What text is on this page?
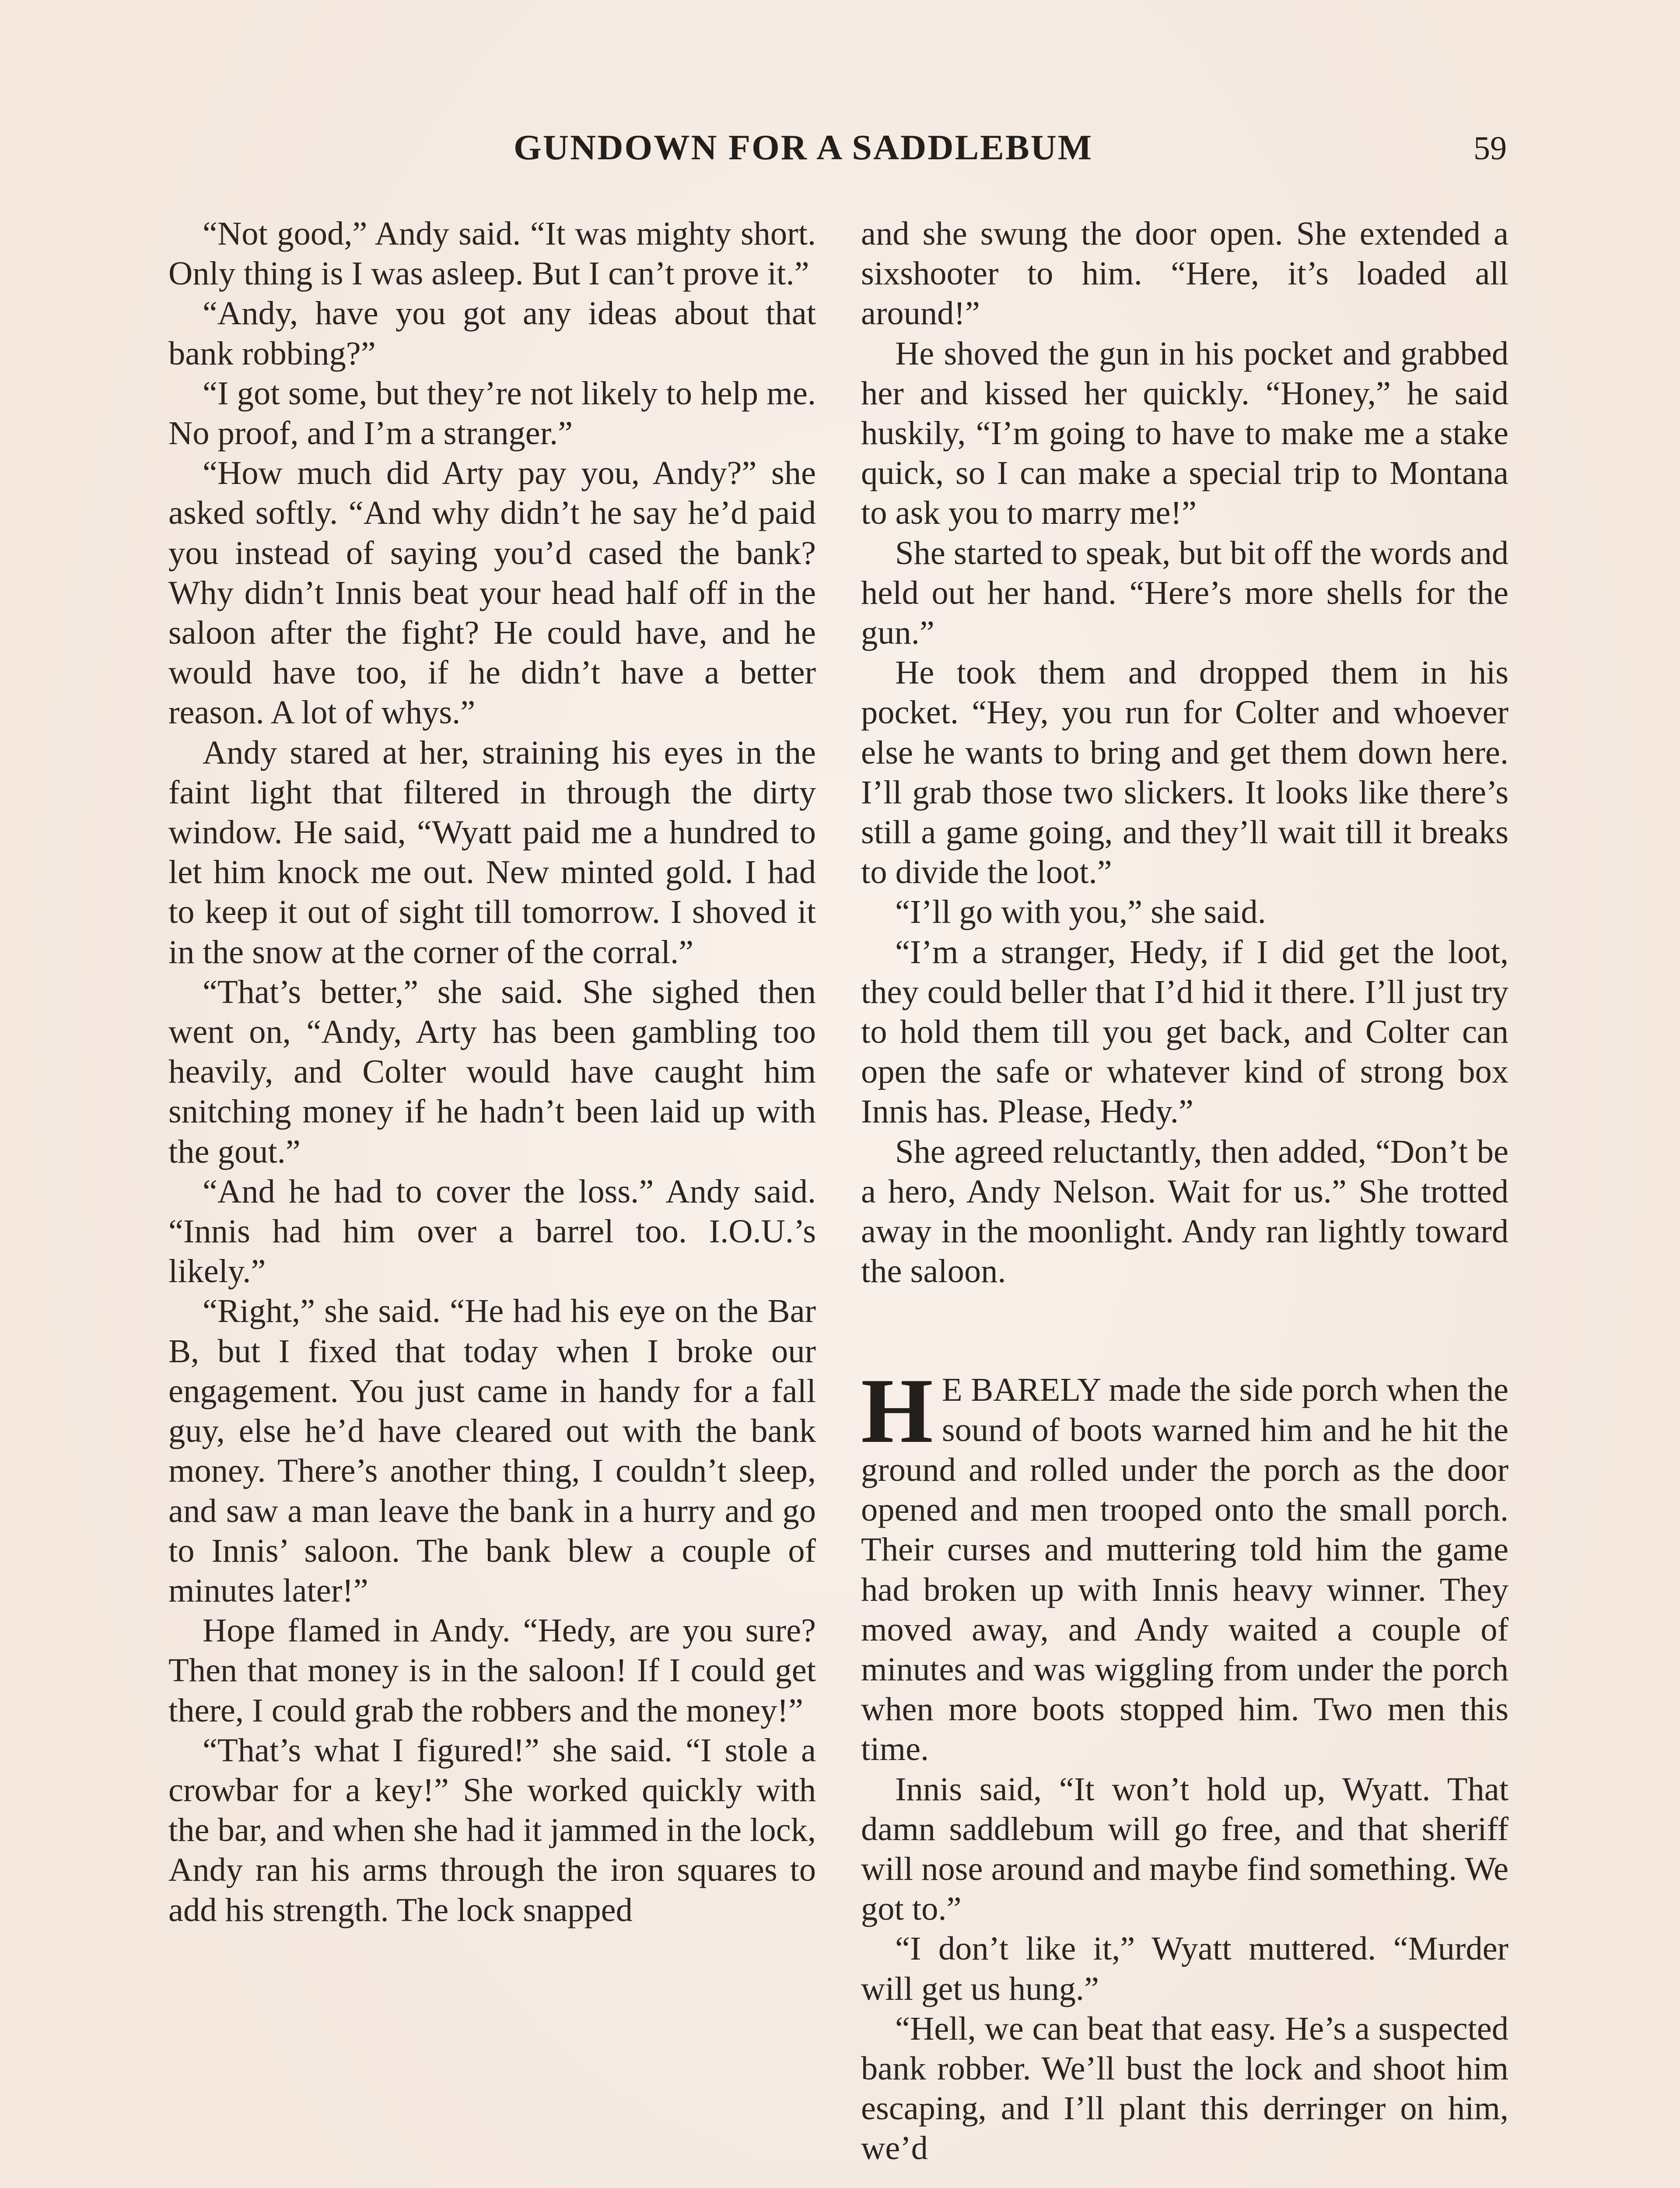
GUNDOWN FOR A SADDLEBUM	59

“Not good,” Andy said. “It was mighty short. Only thing is I was asleep. But I can’t prove it.”

“Andy, have you got any ideas about that bank robbing?”

“I got some, but they’re not likely to help me. No proof, and I’m a stranger.”

“How much did Arty pay you, Andy?” she asked softly. “And why didn’t he say he’d paid you instead of saying you’d cased the bank? Why didn’t Innis beat your head half off in the saloon after the fight? He could have, and he would have too, if he didn’t have a better reason. A lot of whys.”

Andy stared at her, straining his eyes in the faint light that filtered in through the dirty window. He said, “Wyatt paid me a hundred to let him knock me out. New minted gold. I had to keep it out of sight till tomorrow. I shoved it in the snow at the corner of the corral.”

“That’s better,” she said. She sighed then went on, “Andy, Arty has been gambling too heavily, and Colter would have caught him snitching money if he hadn’t been laid up with the gout.”

“And he had to cover the loss.” Andy said. “Innis had him over a barrel too. I.O.U.’s likely.”

“Right,” she said. “He had his eye on the Bar B, but I fixed that today when I broke our engagement. You just came in handy for a fall guy, else he’d have cleared out with the bank money. There’s another thing, I couldn’t sleep, and saw a man leave the bank in a hurry and go to Innis’ saloon. The bank blew a couple of minutes later!”

Hope flamed in Andy. “Hedy, are you sure? Then that money is in the saloon! If I could get there, I could grab the robbers and the money!”

“That’s what I figured!” she said. “I stole a crowbar for a key!” She worked quickly with the bar, and when she had it jammed in the lock, Andy ran his arms through the iron squares to add his strength. The lock snapped

and she swung the door open. She extended a sixshooter to him. “Here, it’s loaded all around!”

He shoved the gun in his pocket and grabbed her and kissed her quickly. “Honey,” he said huskily, “I’m going to have to make me a stake quick, so I can make a special trip to Montana to ask you to marry me!”

She started to speak, but bit off the words and held out her hand. “Here’s more shells for the gun.”

He took them and dropped them in his pocket. “Hey, you run for Colter and whoever else he wants to bring and get them down here. I’ll grab those two slickers. It looks like there’s still a game going, and they’ll wait till it breaks to divide the loot.”

“I’ll go with you,” she said.

“I’m a stranger, Hedy, if I did get the loot, they could beller that I’d hid it there. I’ll just try to hold them till you get back, and Colter can open the safe or whatever kind of strong box Innis has. Please, Hedy.”

She agreed reluctantly, then added, “Don’t be a hero, Andy Nelson. Wait for us.” She trotted away in the moonlight. Andy ran lightly toward the saloon.

H E BARELY made the side porch when the sound of boots warned him and he hit the ground and rolled under the porch as the door opened and men trooped onto the small porch. Their curses and muttering told him the game had broken up with Innis heavy winner. They moved away, and Andy waited a couple of minutes and was wiggling from under the porch when more boots stopped him. Two men this time.

Innis said, “It won’t hold up, Wyatt. That damn saddlebum will go free, and that sheriff will nose around and maybe find something. We got to.”

“I don’t like it,” Wyatt muttered. “Murder will get us hung.”

“Hell, we can beat that easy. He’s a suspected bank robber. We’ll bust the lock and shoot him escaping, and I’ll plant this derringer on him, we’d
